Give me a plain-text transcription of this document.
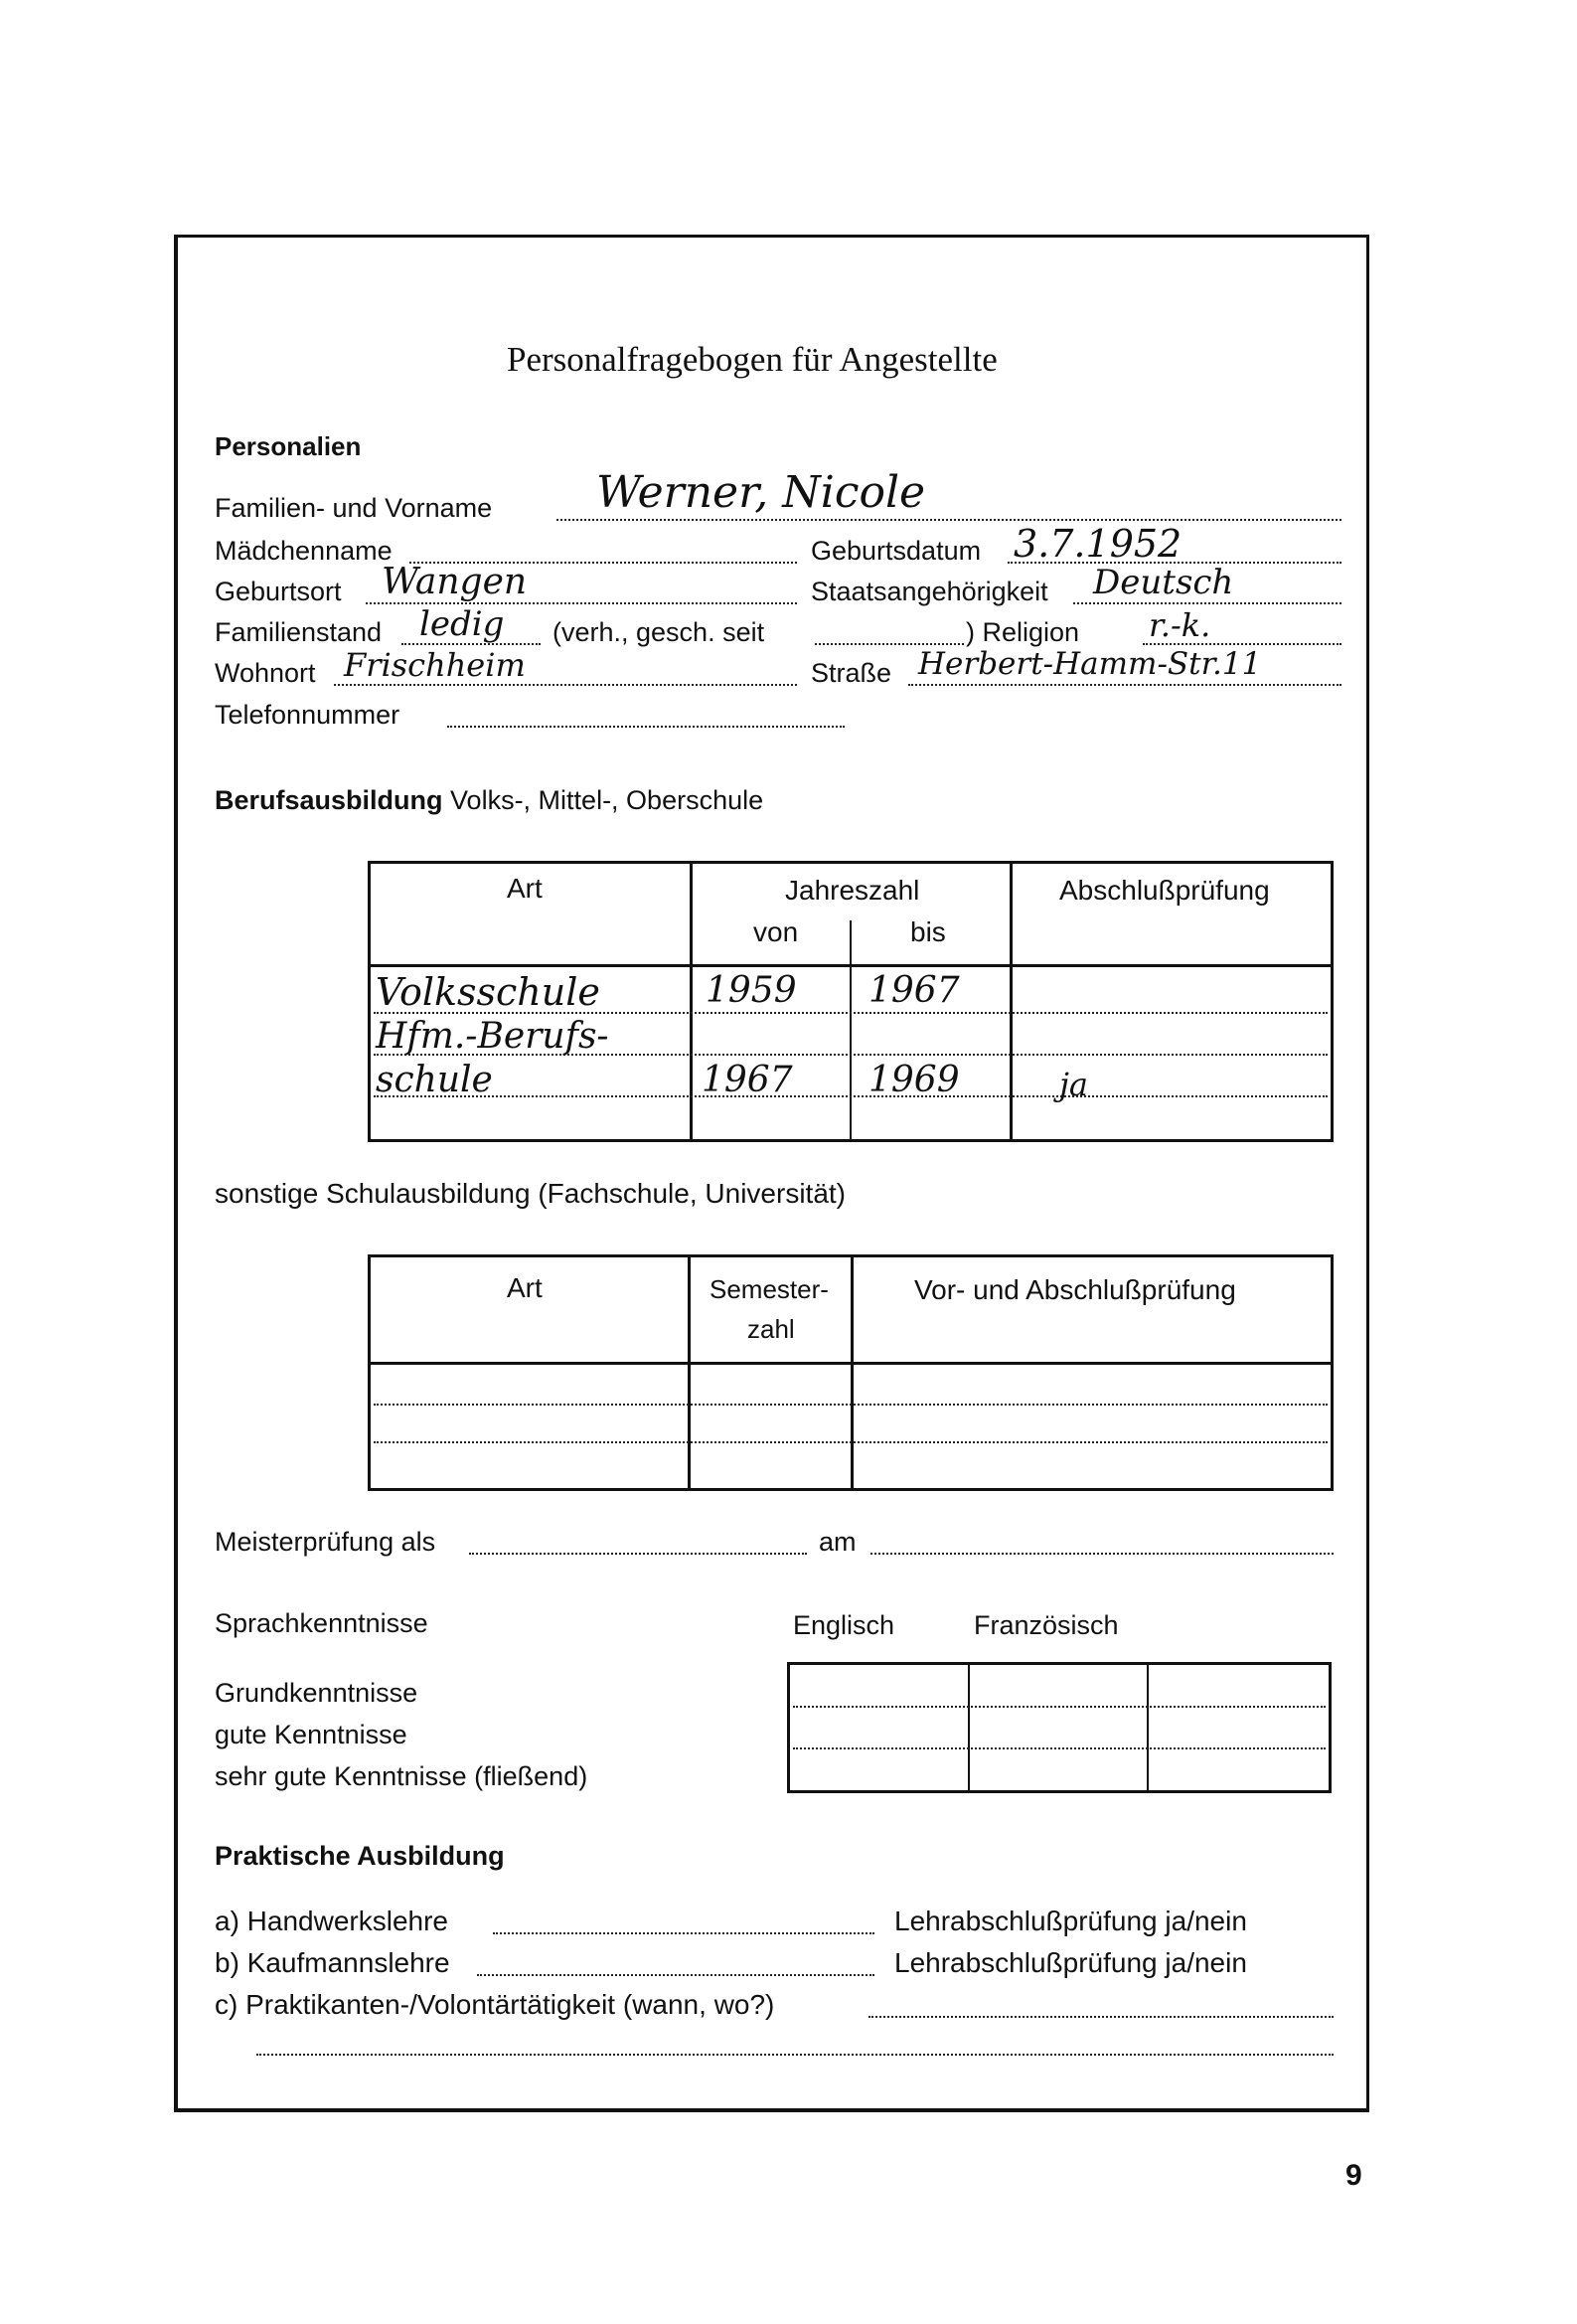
Personalfragebogen für Angestellte
Personalien
Familien- und Vorname Werner, Nicole
Mädchenname	Geburtsdatum 3.7.1952
Geburtsort Wangen	Staatsangehörigkeit Deutsch
Familienstand ledig (verh., gesch. seit	) Religion r.-k.
Wohnort Frischheim	Straße Herbert-Hamm-Str.11
Telefonnummer
Berufsausbildung Volks-, Mittel-, Oberschule
Art	Jahreszahl
von	bis
Abschlußprüfung
Volksschule	1959 1967
Hfm.-Berufs-
schule	1967 1969	ja
sonstige Schulausbildung (Fachschule, Universität)
Art	Semester-
zahl
Vor- und Abschlußprüfung
Meisterprüfung als	am
Sprachkenntnisse	Englisch	Französisch
Grundkenntnisse
gute Kenntnisse
sehr gute Kenntnisse (fließend)
Praktische Ausbildung
a) Handwerkslehre	Lehrabschlußprüfung ja/nein
b) Kaufmannslehre	Lehrabschlußprüfung ja/nein
c) Praktikanten-/Volontärtätigkeit (wann, wo?)
9
